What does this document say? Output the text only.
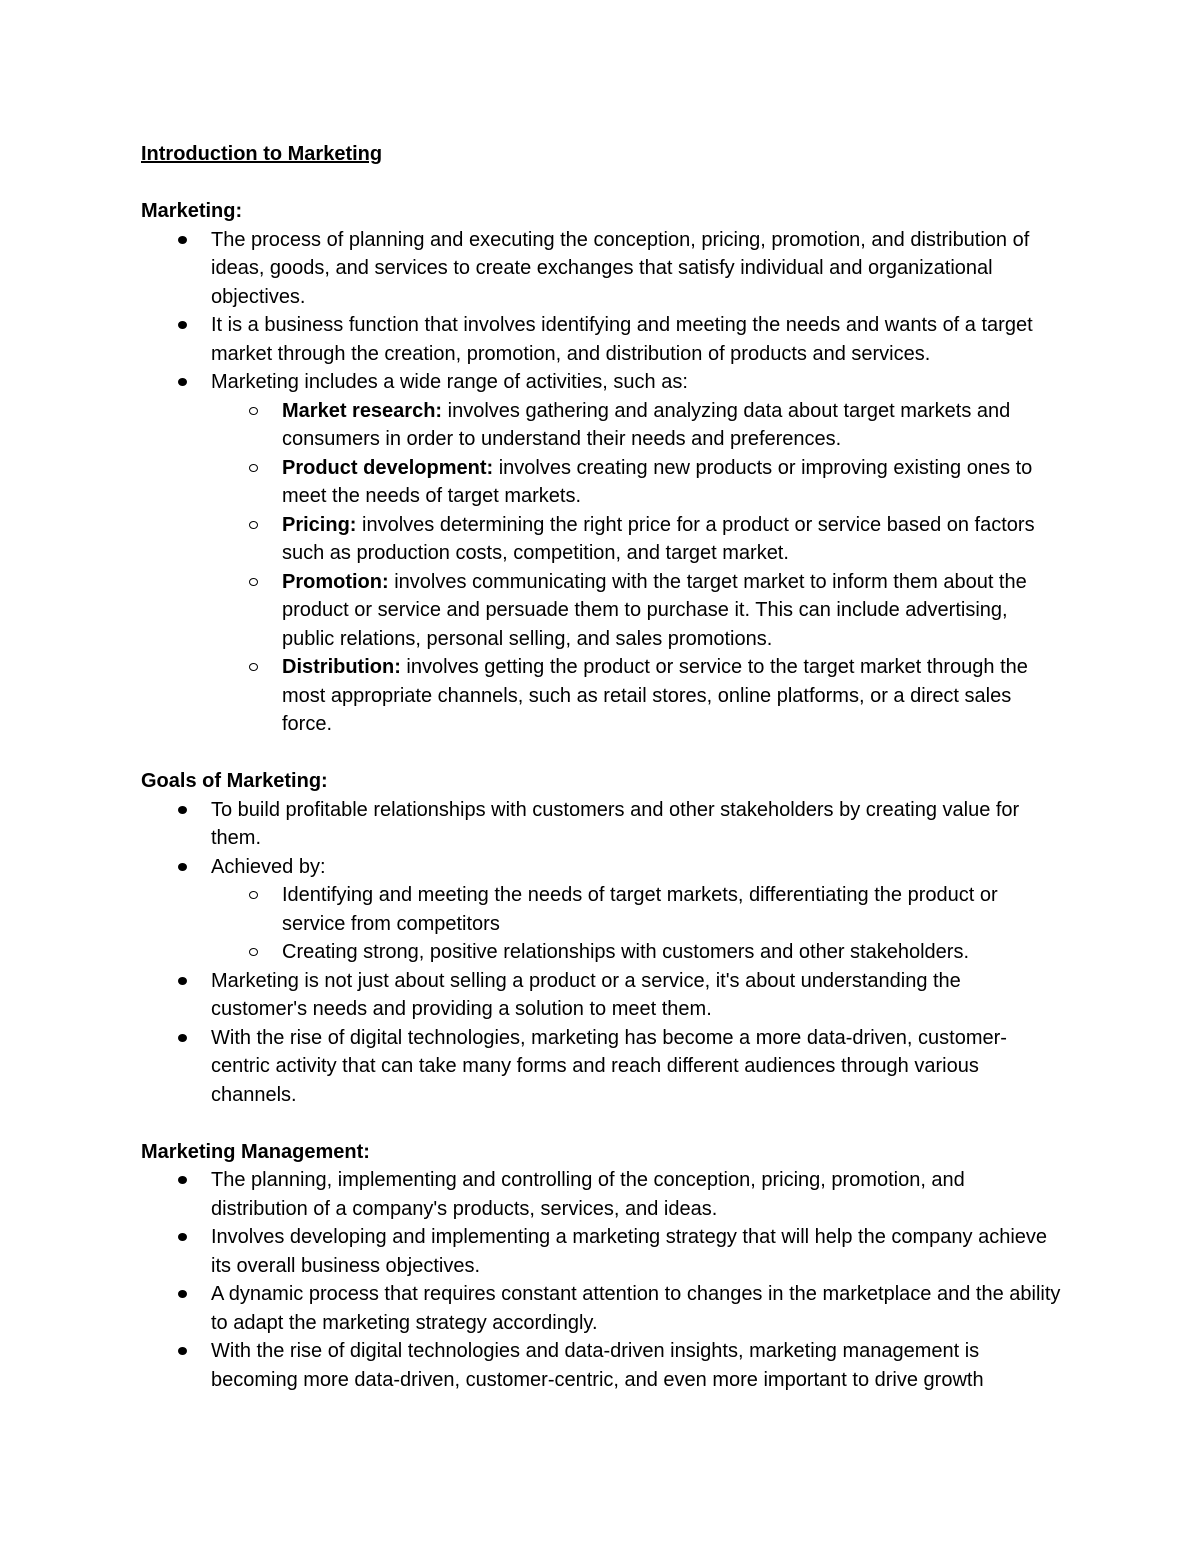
Introduction to Marketing
Marketing:
The process of planning and executing the conception, pricing, promotion, and distribution of ideas, goods, and services to create exchanges that satisfy individual and organizational objectives.
It is a business function that involves identifying and meeting the needs and wants of a target market through the creation, promotion, and distribution of products and services.
Marketing includes a wide range of activities, such as:
Market research: involves gathering and analyzing data about target markets and consumers in order to understand their needs and preferences.
Product development: involves creating new products or improving existing ones to meet the needs of target markets.
Pricing: involves determining the right price for a product or service based on factors such as production costs, competition, and target market.
Promotion: involves communicating with the target market to inform them about the product or service and persuade them to purchase it. This can include advertising, public relations, personal selling, and sales promotions.
Distribution: involves getting the product or service to the target market through the most appropriate channels, such as retail stores, online platforms, or a direct sales force.
Goals of Marketing:
To build profitable relationships with customers and other stakeholders by creating value for them.
Achieved by:
Identifying and meeting the needs of target markets, differentiating the product or service from competitors
Creating strong, positive relationships with customers and other stakeholders.
Marketing is not just about selling a product or a service, it's about understanding the customer's needs and providing a solution to meet them.
With the rise of digital technologies, marketing has become a more data-driven, customer-centric activity that can take many forms and reach different audiences through various channels.
Marketing Management:
The planning, implementing and controlling of the conception, pricing, promotion, and distribution of a company's products, services, and ideas.
Involves developing and implementing a marketing strategy that will help the company achieve its overall business objectives.
A dynamic process that requires constant attention to changes in the marketplace and the ability to adapt the marketing strategy accordingly.
With the rise of digital technologies and data-driven insights, marketing management is becoming more data-driven, customer-centric, and even more important to drive growth
